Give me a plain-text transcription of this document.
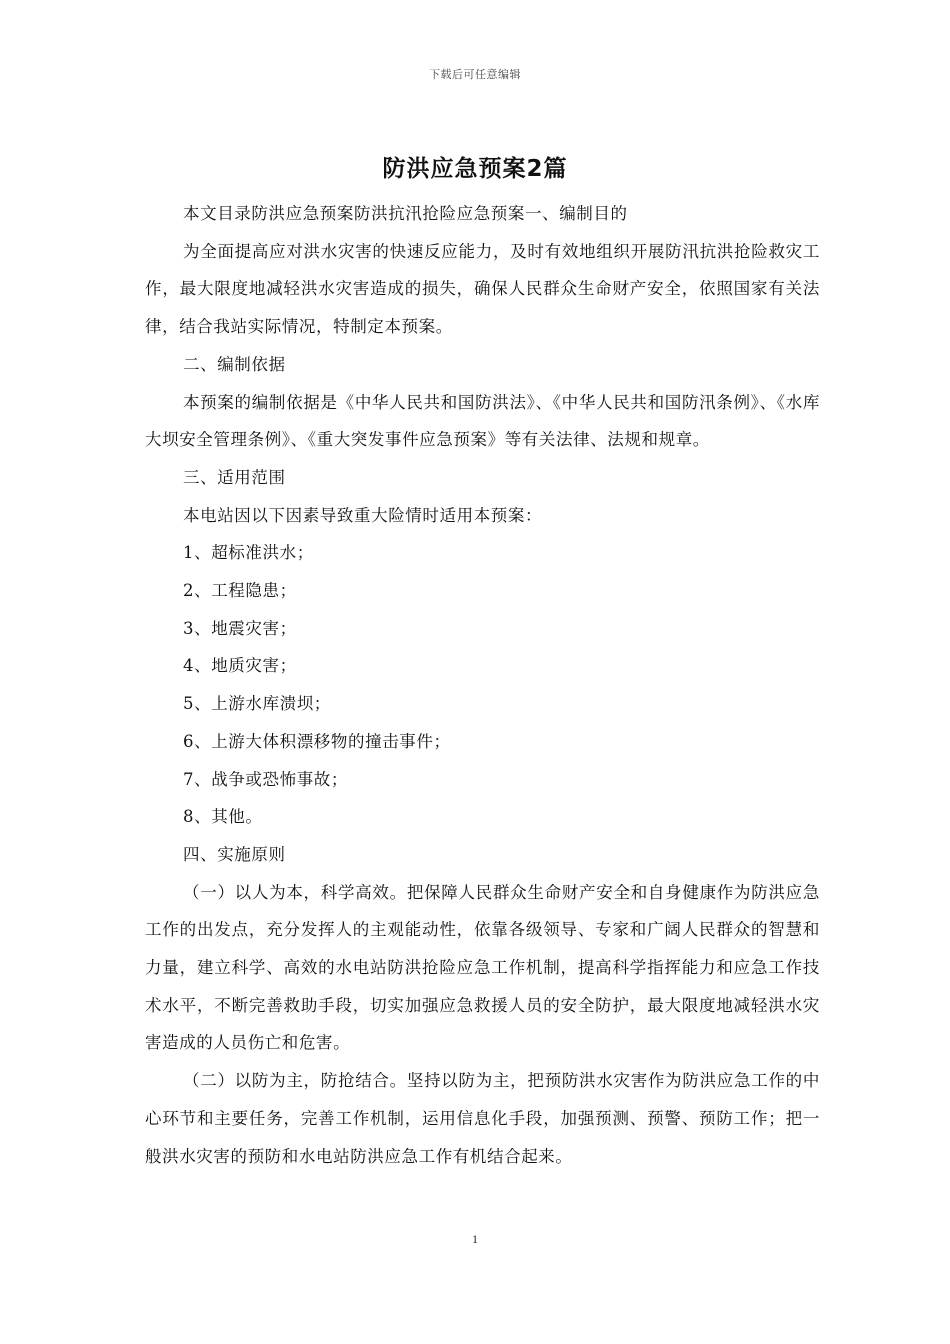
下载后可任意编辑
防洪应急预案2篇

本文目录防洪应急预案防洪抗汛抢险应急预案一、编制目的

为全面提高应对洪水灾害的快速反应能力，及时有效地组织开展防汛抗洪抢险救灾工作，最大限度地减轻洪水灾害造成的损失，确保人民群众生命财产安全，依照国家有关法律，结合我站实际情况，特制定本预案。

二、编制依据

本预案的编制依据是《中华人民共和国防洪法》、《中华人民共和国防汛条例》、《水库大坝安全管理条例》、《重大突发事件应急预案》等有关法律、法规和规章。

三、适用范围

本电站因以下因素导致重大险情时适用本预案：

1、超标准洪水；

2、工程隐患；

3、地震灾害；

4、地质灾害；

5、上游水库溃坝；

6、上游大体积漂移物的撞击事件；

7、战争或恐怖事故；

8、其他。

四、实施原则

（一）以人为本，科学高效。把保障人民群众生命财产安全和自身健康作为防洪应急工作的出发点，充分发挥人的主观能动性，依靠各级领导、专家和广阔人民群众的智慧和力量，建立科学、高效的水电站防洪抢险应急工作机制，提高科学指挥能力和应急工作技术水平，不断完善救助手段，切实加强应急救援人员的安全防护，最大限度地减轻洪水灾害造成的人员伤亡和危害。

（二）以防为主，防抢结合。坚持以防为主，把预防洪水灾害作为防洪应急工作的中心环节和主要任务，完善工作机制，运用信息化手段，加强预测、预警、预防工作；把一般洪水灾害的预防和水电站防洪应急工作有机结合起来。

1
